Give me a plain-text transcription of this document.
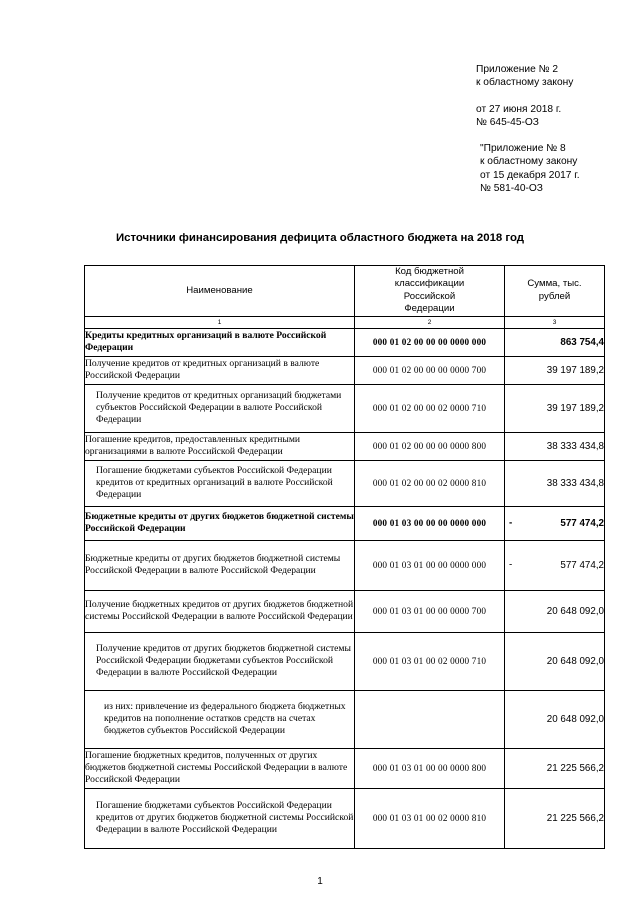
Приложение № 2
к областному закону
от 27 июня 2018 г.
№ 645-45-ОЗ
"Приложение № 8
к областному закону
от 15 декабря 2017 г.
№ 581-40-ОЗ
Источники финансирования дефицита областного бюджета на 2018 год
Наименование	Код бюджетной классификации Российской Федерации	Сумма, тыс. рублей
1	2	3
Кредиты кредитных организаций в валюте Российской Федерации	000 01 02 00 00 00 0000 000	863 754,4
Получение кредитов от кредитных организаций в валюте Российской Федерации	000 01 02 00 00 00 0000 700	39 197 189,2
Получение кредитов от кредитных организаций бюджетами субъектов Российской Федерации в валюте Российской Федерации	000 01 02 00 00 02 0000 710	39 197 189,2
Погашение кредитов, предоставленных кредитными организациями в валюте Российской Федерации	000 01 02 00 00 00 0000 800	38 333 434,8
Погашение бюджетами субъектов Российской Федерации кредитов от кредитных организаций в валюте Российской Федерации	000 01 02 00 00 02 0000 810	38 333 434,8
Бюджетные кредиты от других бюджетов бюджетной системы Российской Федерации	000 01 03 00 00 00 0000 000	- 577 474,2
Бюджетные кредиты от других бюджетов бюджетной системы Российской Федерации в валюте Российской Федерации	000 01 03 01 00 00 0000 000	- 577 474,2
Получение бюджетных кредитов от других бюджетов бюджетной системы Российской Федерации в валюте Российской Федерации	000 01 03 01 00 00 0000 700	20 648 092,0
Получение кредитов от других бюджетов бюджетной системы Российской Федерации бюджетами субъектов Российской Федерации в валюте Российской Федерации	000 01 03 01 00 02 0000 710	20 648 092,0
из них: привлечение из федерального бюджета бюджетных кредитов на пополнение остатков средств на счетах бюджетов субъектов Российской Федерации		20 648 092,0
Погашение бюджетных кредитов, полученных от других бюджетов бюджетной системы Российской Федерации в валюте Российской Федерации	000 01 03 01 00 00 0000 800	21 225 566,2
Погашение бюджетами субъектов Российской Федерации кредитов от других бюджетов бюджетной системы Российской Федерации в валюте Российской Федерации	000 01 03 01 00 02 0000 810	21 225 566,2
1
